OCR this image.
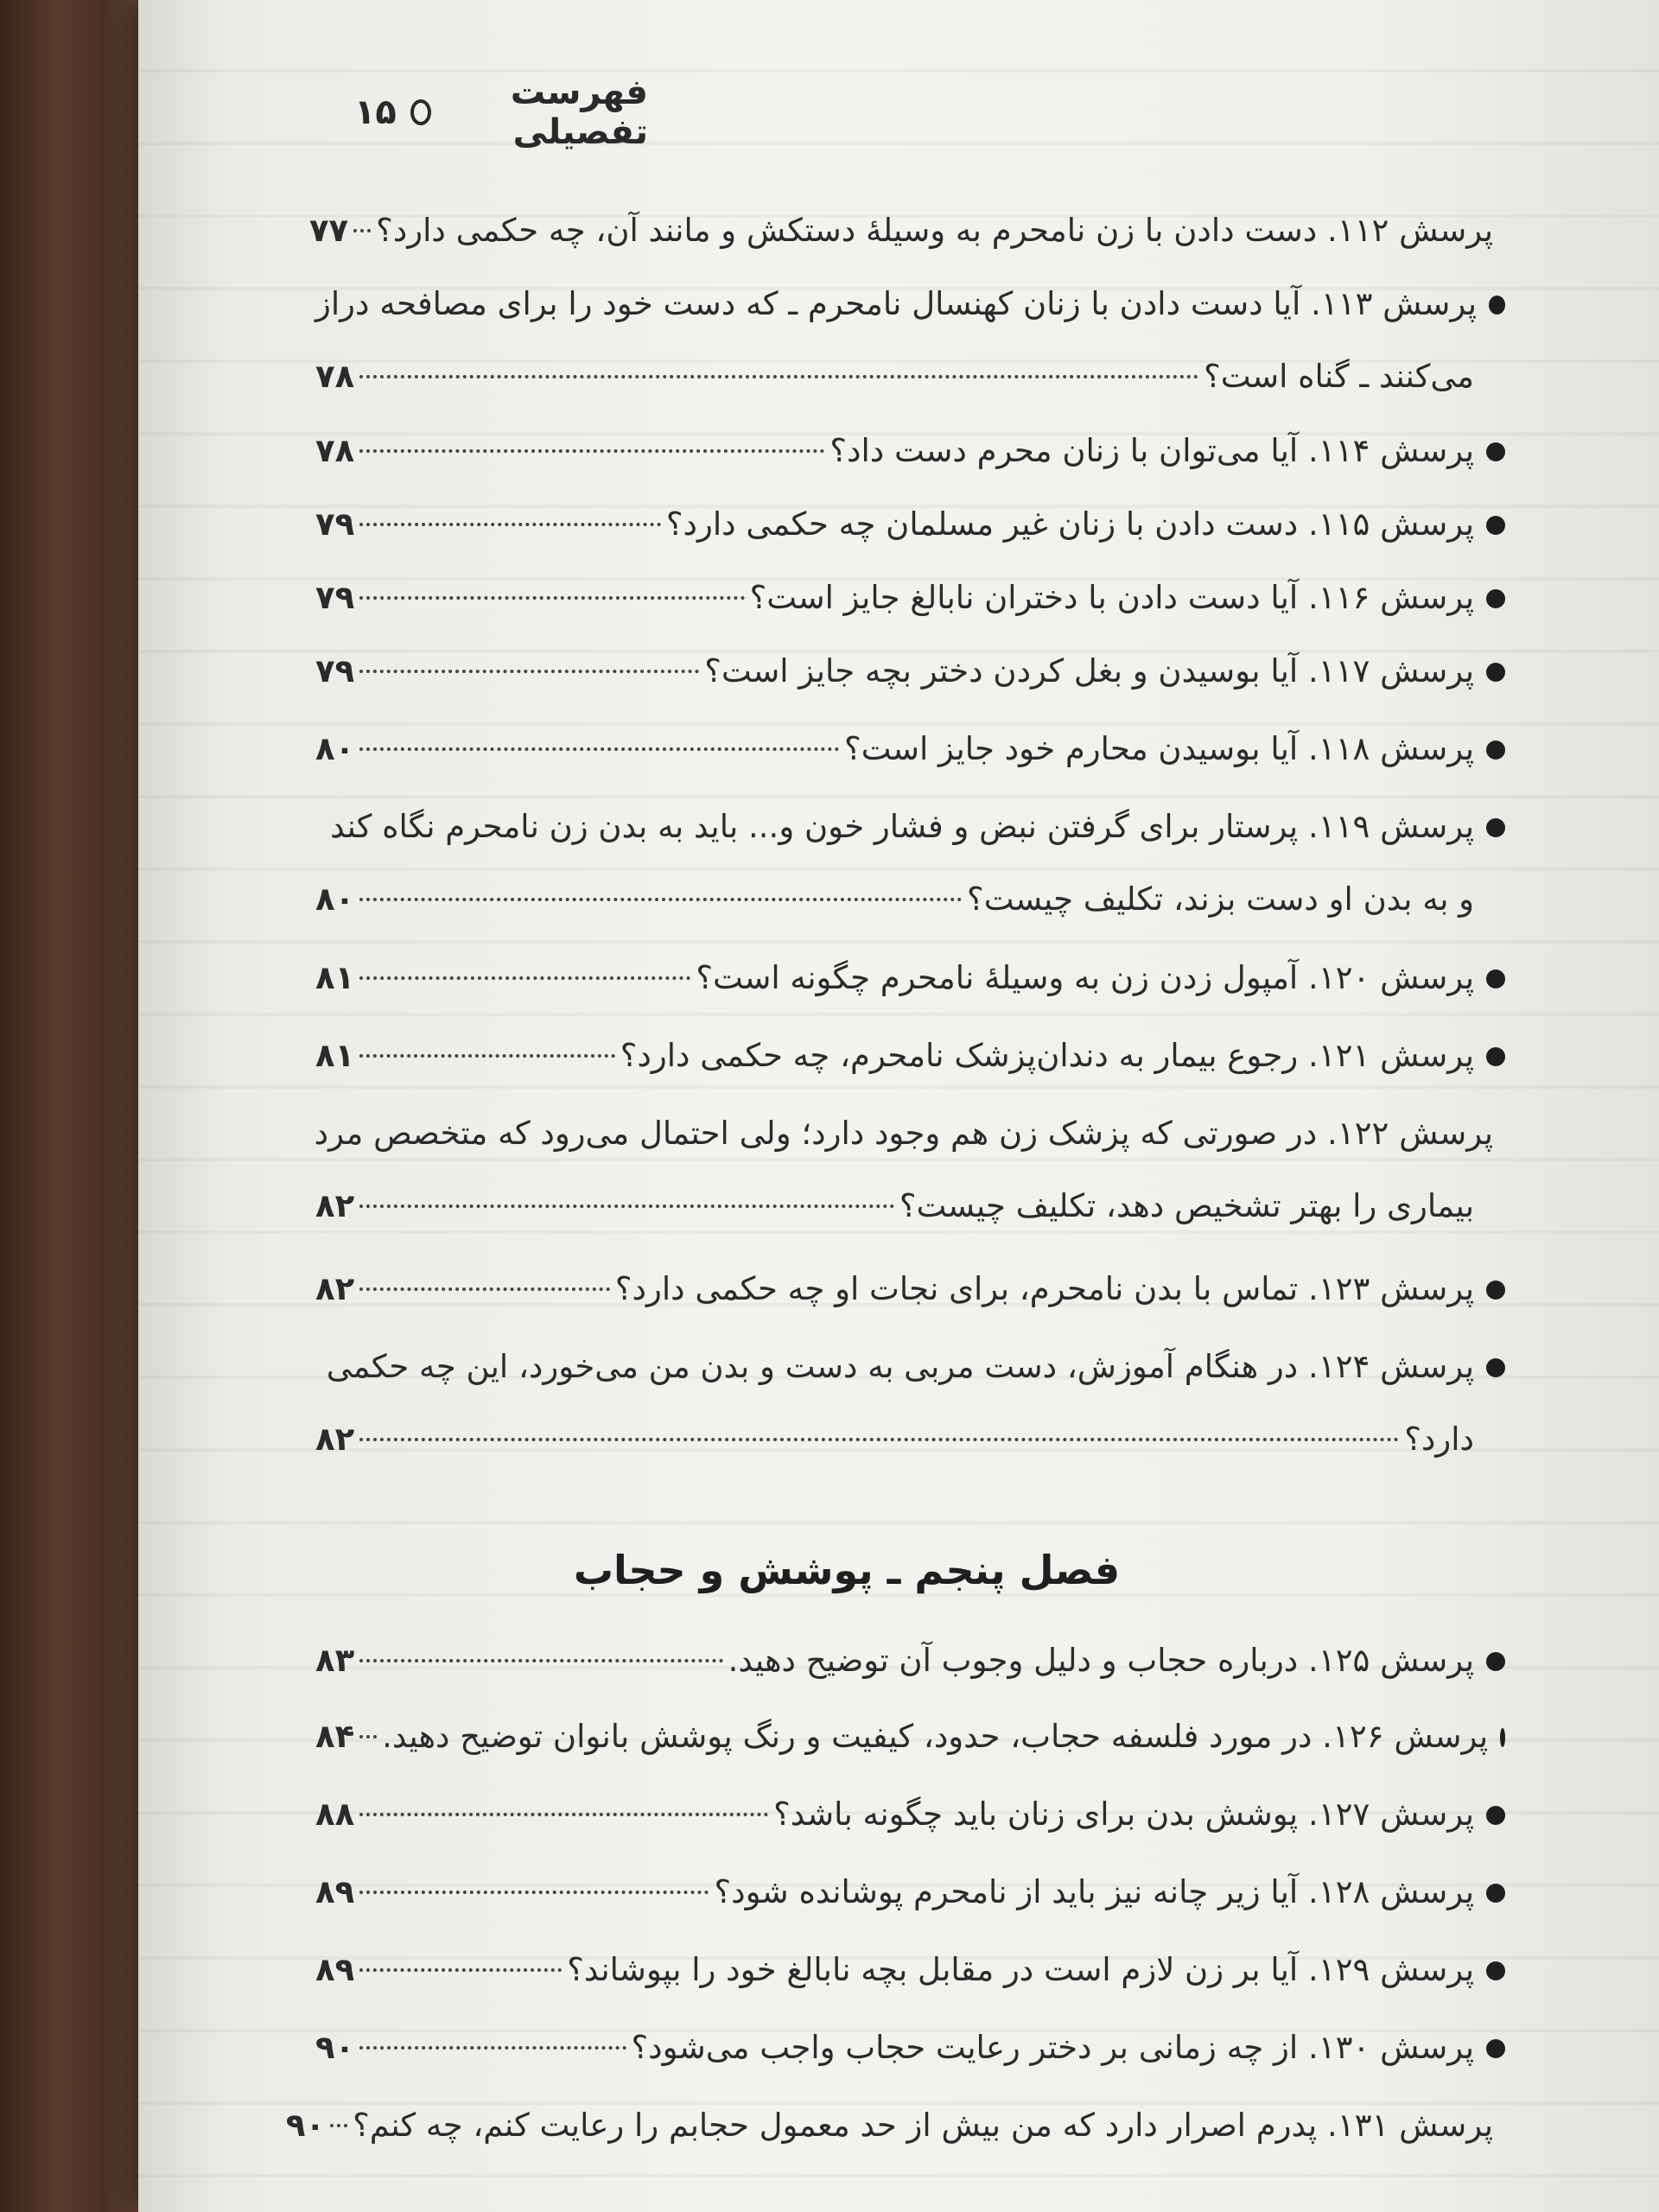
فهرست تفصیلی
۱۵
فصل پنجم ـ پوشش و حجاب
پرسش ۱۱۲. دست دادن با زن نامحرم به وسیلهٔ دستکش و مانند آن، چه حکمی دارد؟
۷۷
پرسش ۱۱۳. آیا دست دادن با زنان کهنسال نامحرم ـ که دست خود را برای مصافحه دراز
می‌کنند ـ گناه است؟
۷۸
پرسش ۱۱۴. آیا می‌توان با زنان محرم دست داد؟
۷۸
پرسش ۱۱۵. دست دادن با زنان غیر مسلمان چه حکمی دارد؟
۷۹
پرسش ۱۱۶. آیا دست دادن با دختران نابالغ جایز است؟
۷۹
پرسش ۱۱۷. آیا بوسیدن و بغل کردن دختر بچه جایز است؟
۷۹
پرسش ۱۱۸. آیا بوسیدن محارم خود جایز است؟
۸۰
پرسش ۱۱۹. پرستار برای گرفتن نبض و فشار خون و... باید به بدن زن نامحرم نگاه کند
و به بدن او دست بزند، تکلیف چیست؟
۸۰
پرسش ۱۲۰. آمپول زدن زن به وسیلهٔ نامحرم چگونه است؟
۸۱
پرسش ۱۲۱. رجوع بیمار به دندان‌پزشک نامحرم، چه حکمی دارد؟
۸۱
پرسش ۱۲۲. در صورتی که پزشک زن هم وجود دارد؛ ولی احتمال می‌رود که متخصص مرد
بیماری را بهتر تشخیص دهد، تکلیف چیست؟
۸۲
پرسش ۱۲۳. تماس با بدن نامحرم، برای نجات او چه حکمی دارد؟
۸۲
پرسش ۱۲۴. در هنگام آموزش، دست مربی به دست و بدن من می‌خورد، این چه حکمی
دارد؟
۸۲
پرسش ۱۲۵. درباره حجاب و دلیل وجوب آن توضیح دهید.
۸۳
پرسش ۱۲۶. در مورد فلسفه حجاب، حدود، کیفیت و رنگ پوشش بانوان توضیح دهید.
۸۴
پرسش ۱۲۷. پوشش بدن برای زنان باید چگونه باشد؟
۸۸
پرسش ۱۲۸. آیا زیر چانه نیز باید از نامحرم پوشانده شود؟
۸۹
پرسش ۱۲۹. آیا بر زن لازم است در مقابل بچه نابالغ خود را بپوشاند؟
۸۹
پرسش ۱۳۰. از چه زمانی بر دختر رعایت حجاب واجب می‌شود؟
۹۰
پرسش ۱۳۱. پدرم اصرار دارد که من بیش از حد معمول حجابم را رعایت کنم، چه کنم؟
۹۰
